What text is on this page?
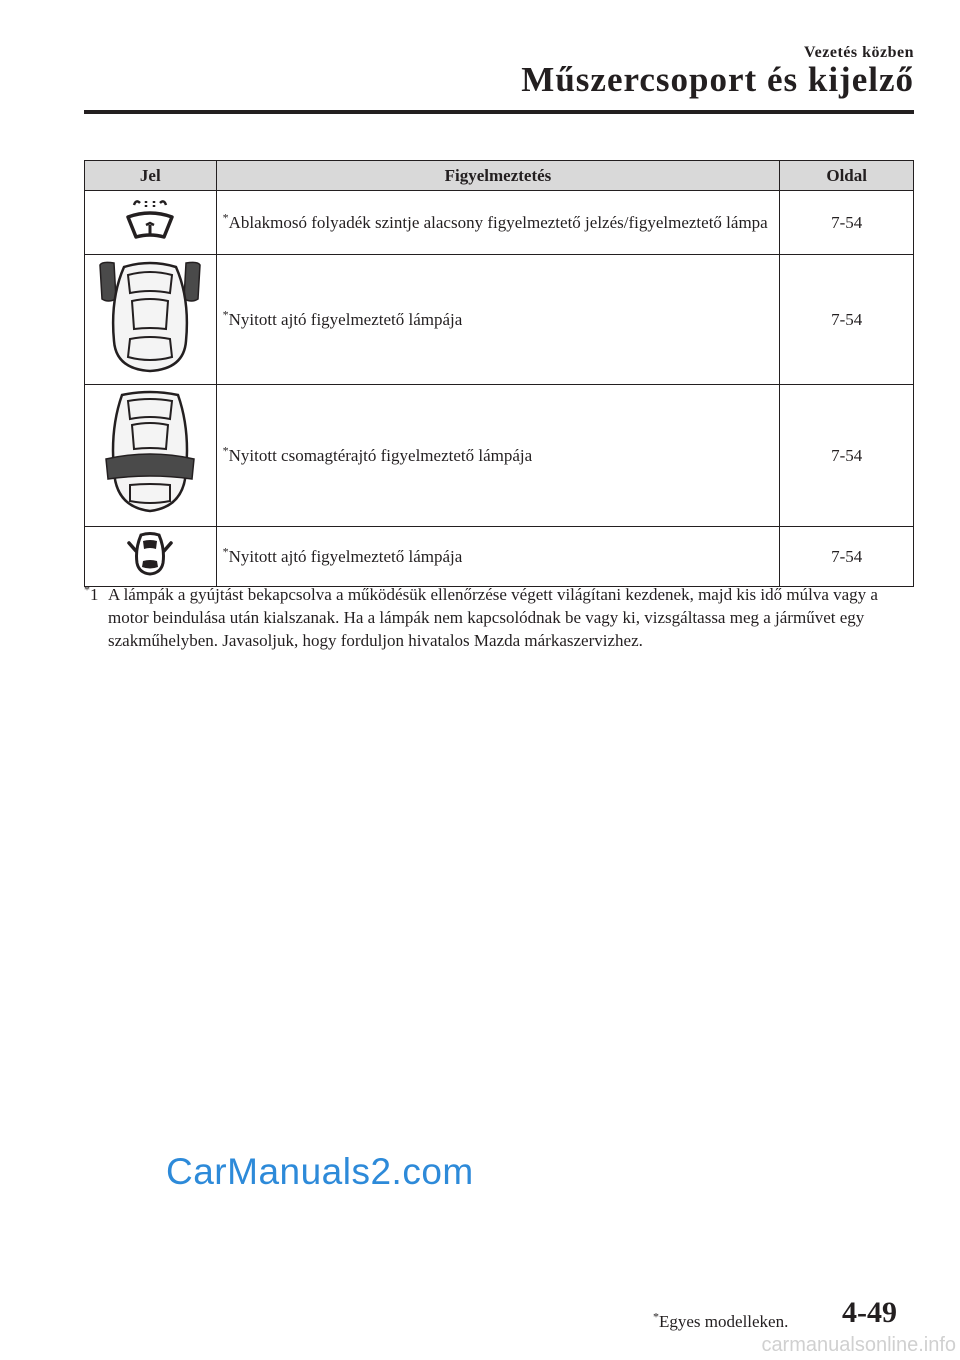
Vezetés közben
Műszercsoport és kijelző
Jel	Figyelmeztetés	Oldal
	*Ablakmosó folyadék szintje alacsony figyelmeztető jelzés/figyelmeztető lámpa	7-54
	*Nyitott ajtó figyelmeztető lámpája	7-54
	*Nyitott csomagtérajtó figyelmeztető lámpája	7-54
	*Nyitott ajtó figyelmeztető lámpája	7-54
*1 A lámpák a gyújtást bekapcsolva a működésük ellenőrzése végett világítani kezdenek, majd kis idő múlva vagy a motor beindulása után kialszanak. Ha a lámpák nem kapcsolódnak be vagy ki, vizsgáltassa meg a járművet egy szakműhelyben. Javasoljuk, hogy forduljon hivatalos Mazda márkaszervizhez.
CarManuals2.com
*Egyes modelleken. 4-49
carmanualsonline.info
